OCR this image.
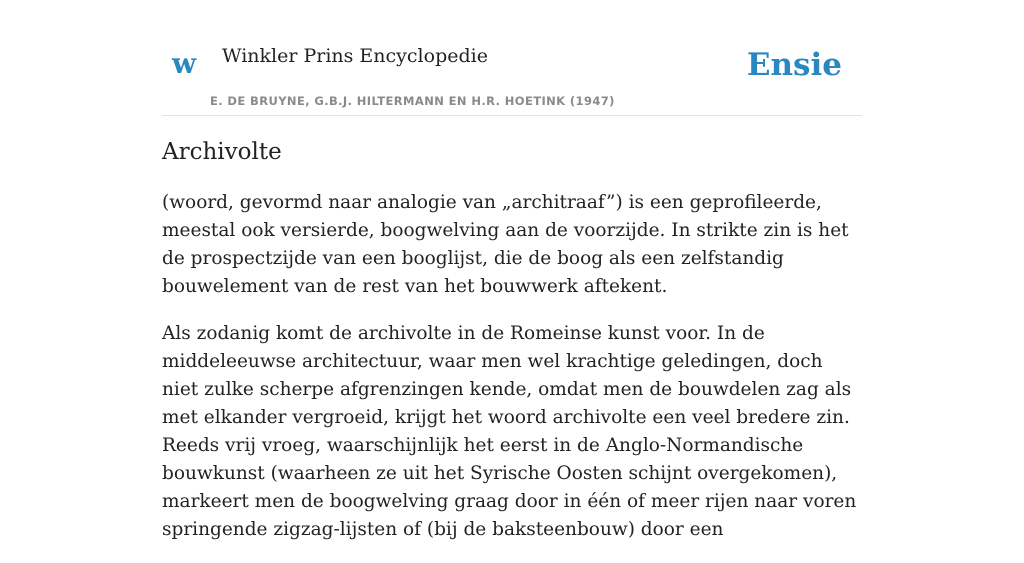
w Winkler Prins Encyclopedie
E. DE BRUYNE, G.B.J. HILTERMANN EN H.R. HOETINK (1947)
Ensie
Archivolte

(woord, gevormd naar analogie van „architraaf”) is een geprofileerde, meestal ook versierde, boogwelving aan de voorzijde. In strikte zin is het de prospectzijde van een booglijst, die de boog als een zelfstandig bouwelement van de rest van het bouwwerk aftekent.

Als zodanig komt de archivolte in de Romeinse kunst voor. In de middeleeuwse architectuur, waar men wel krachtige geledingen, doch niet zulke scherpe afgrenzingen kende, omdat men de bouwdelen zag als met elkander vergroeid, krijgt het woord archivolte een veel bredere zin. Reeds vrij vroeg, waarschijnlijk het eerst in de Anglo-Normandische bouwkunst (waarheen ze uit het Syrische Oosten schijnt overgekomen), markeert men de boogwelving graag door in één of meer rijen naar voren springende zigzag-lijsten of (bij de baksteenbouw) door een
